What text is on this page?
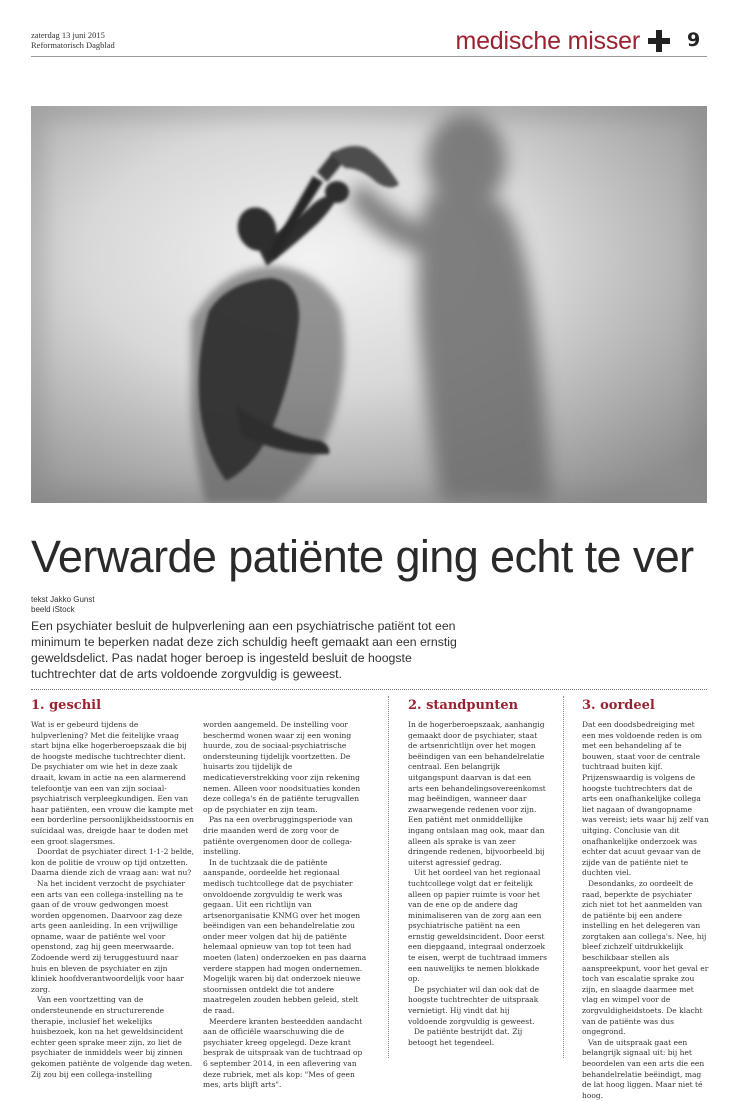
zaterdag 13 juni 2015
Reformatorisch Dagblad	medische misser 9
Verwarde patiënte ging echt te ver
tekst Jakko Gunst
beeld iStock
Een psychiater besluit de hulpverlening aan een psychiatrische patiënt tot een minimum te beperken nadat deze zich schuldig heeft gemaakt aan een ernstig geweldsdelict. Pas nadat hoger beroep is ingesteld besluit de hoogste tuchtrechter dat de arts voldoende zorgvuldig is geweest.
1. geschil

Wat is er gebeurd tijdens de hulpverlening? Met die feitelijke vraag start bijna elke hogerberoepszaak die bij de hoogste medische tuchtrechter dient. De psychiater om wie het in deze zaak draait, kwam in actie na een alarmerend telefoontje van een van zijn sociaal-psychiatrisch verpleegkundigen. Een van haar patiënten, een vrouw die kampte met een borderline persoonlijkheidsstoornis en suïcidaal was, dreigde haar te doden met een groot slagersmes.

Doordat de psychiater direct 1-1-2 belde, kon de politie de vrouw op tijd ontzetten. Daarna diende zich de vraag aan: wat nu?

Na het incident verzocht de psychiater een arts van een collega-instelling na te gaan of de vrouw gedwongen moest worden opgenomen. Daarvoor zag deze arts geen aanleiding. In een vrijwillige opname, waar de patiënte wel voor openstond, zag hij geen meerwaarde. Zodoende werd zij teruggestuurd naar huis en bleven de psychiater en zijn kliniek hoofdverantwoordelijk voor haar zorg.

Van een voortzetting van de ondersteunende en structurerende therapie, inclusief het wekelijks huisbezoek, kon na het geweldsincident echter geen sprake meer zijn, zo liet de psychiater de inmiddels weer bij zinnen gekomen patiënte de volgende dag weten. Zij zou bij een collega-instelling

worden aangemeld. De instelling voor beschermd wonen waar zij een woning huurde, zou de sociaal-psychiatrische ondersteuning tijdelijk voortzetten. De huisarts zou tijdelijk de medicatieverstrekking voor zijn rekening nemen. Alleen voor noodsituaties konden deze collega's én de patiënte terugvallen op de psychiater en zijn team.

Pas na een overbruggingsperiode van drie maanden werd de zorg voor de patiënte overgenomen door de collega-instelling.

In de tuchtzaak die de patiënte aanspande, oordeelde het regionaal medisch tuchtcollege dat de psychiater onvoldoende zorgvuldig te werk was gegaan. Uit een richtlijn van artsenorganisatie KNMG over het mogen beëindigen van een behandelrelatie zou onder meer volgen dat hij de patiënte helemaal opnieuw van top tot teen had moeten (laten) onderzoeken en pas daarna verdere stappen had mogen ondernemen. Mogelijk waren bij dat onderzoek nieuwe stoornissen ontdekt die tot andere maatregelen zouden hebben geleid, stelt de raad.

Meerdere kranten besteedden aandacht aan de officiële waarschuwing die de psychiater kreeg opgelegd. Deze krant besprak de uitspraak van de tuchtraad op 6 september 2014, in een aflevering van deze rubriek, met als kop: "Mes of geen mes, arts blijft arts".

2. standpunten

In de hogerberoepszaak, aanhangig gemaakt door de psychiater, staat de artsenrichtlijn over het mogen beëindigen van een behandelrelatie centraal. Een belangrijk uitgangspunt daarvan is dat een arts een behandelingsovereenkomst mag beëindigen, wanneer daar zwaarwegende redenen voor zijn. Een patiënt met onmiddellijke ingang ontslaan mag ook, maar dan alleen als sprake is van zeer dringende redenen, bijvoorbeeld bij uiterst agressief gedrag.

Uit het oordeel van het regionaal tuchtcollege volgt dat er feitelijk alleen op papier ruimte is voor het van de ene op de andere dag minimaliseren van de zorg aan een psychiatrische patiënt na een ernstig geweldsincident. Door eerst een diepgaand, integraal onderzoek te eisen, werpt de tuchtraad immers een nauwelijks te nemen blokkade op.

De psychiater wil dan ook dat de hoogste tuchtrechter de uitspraak vernietigt. Hij vindt dat hij voldoende zorgvuldig is geweest.

De patiënte bestrijdt dat. Zij betoogt het tegendeel.

3. oordeel

Dat een doodsbedreiging met een mes voldoende reden is om met een behandeling af te bouwen, staat voor de centrale tuchtraad buiten kijf. Prijzenswaardig is volgens de hoogste tuchtrechters dat de arts een onafhankelijke collega liet nagaan of dwangopname was vereist; iets waar hij zelf van uitging. Conclusie van dit onafhankelijke onderzoek was echter dat acuut gevaar van de zijde van de patiënte niet te duchten viel.

Desondanks, zo oordeelt de raad, beperkte de psychiater zich niet tot het aanmelden van de patiënte bij een andere instelling en het delegeren van zorgtaken aan collega's. Nee, hij bleef zichzelf uitdrukkelijk beschikbaar stellen als aanspreekpunt, voor het geval er toch van escalatie sprake zou zijn, en slaagde daarmee met vlag en wimpel voor de zorgvuldigheidstoets. De klacht van de patiënte was dus ongegrond.

Van de uitspraak gaat een belangrijk signaal uit: bij het beoordelen van een arts die een behandelrelatie beëindigt, mag de lat hoog liggen. Maar niet té hoog.
